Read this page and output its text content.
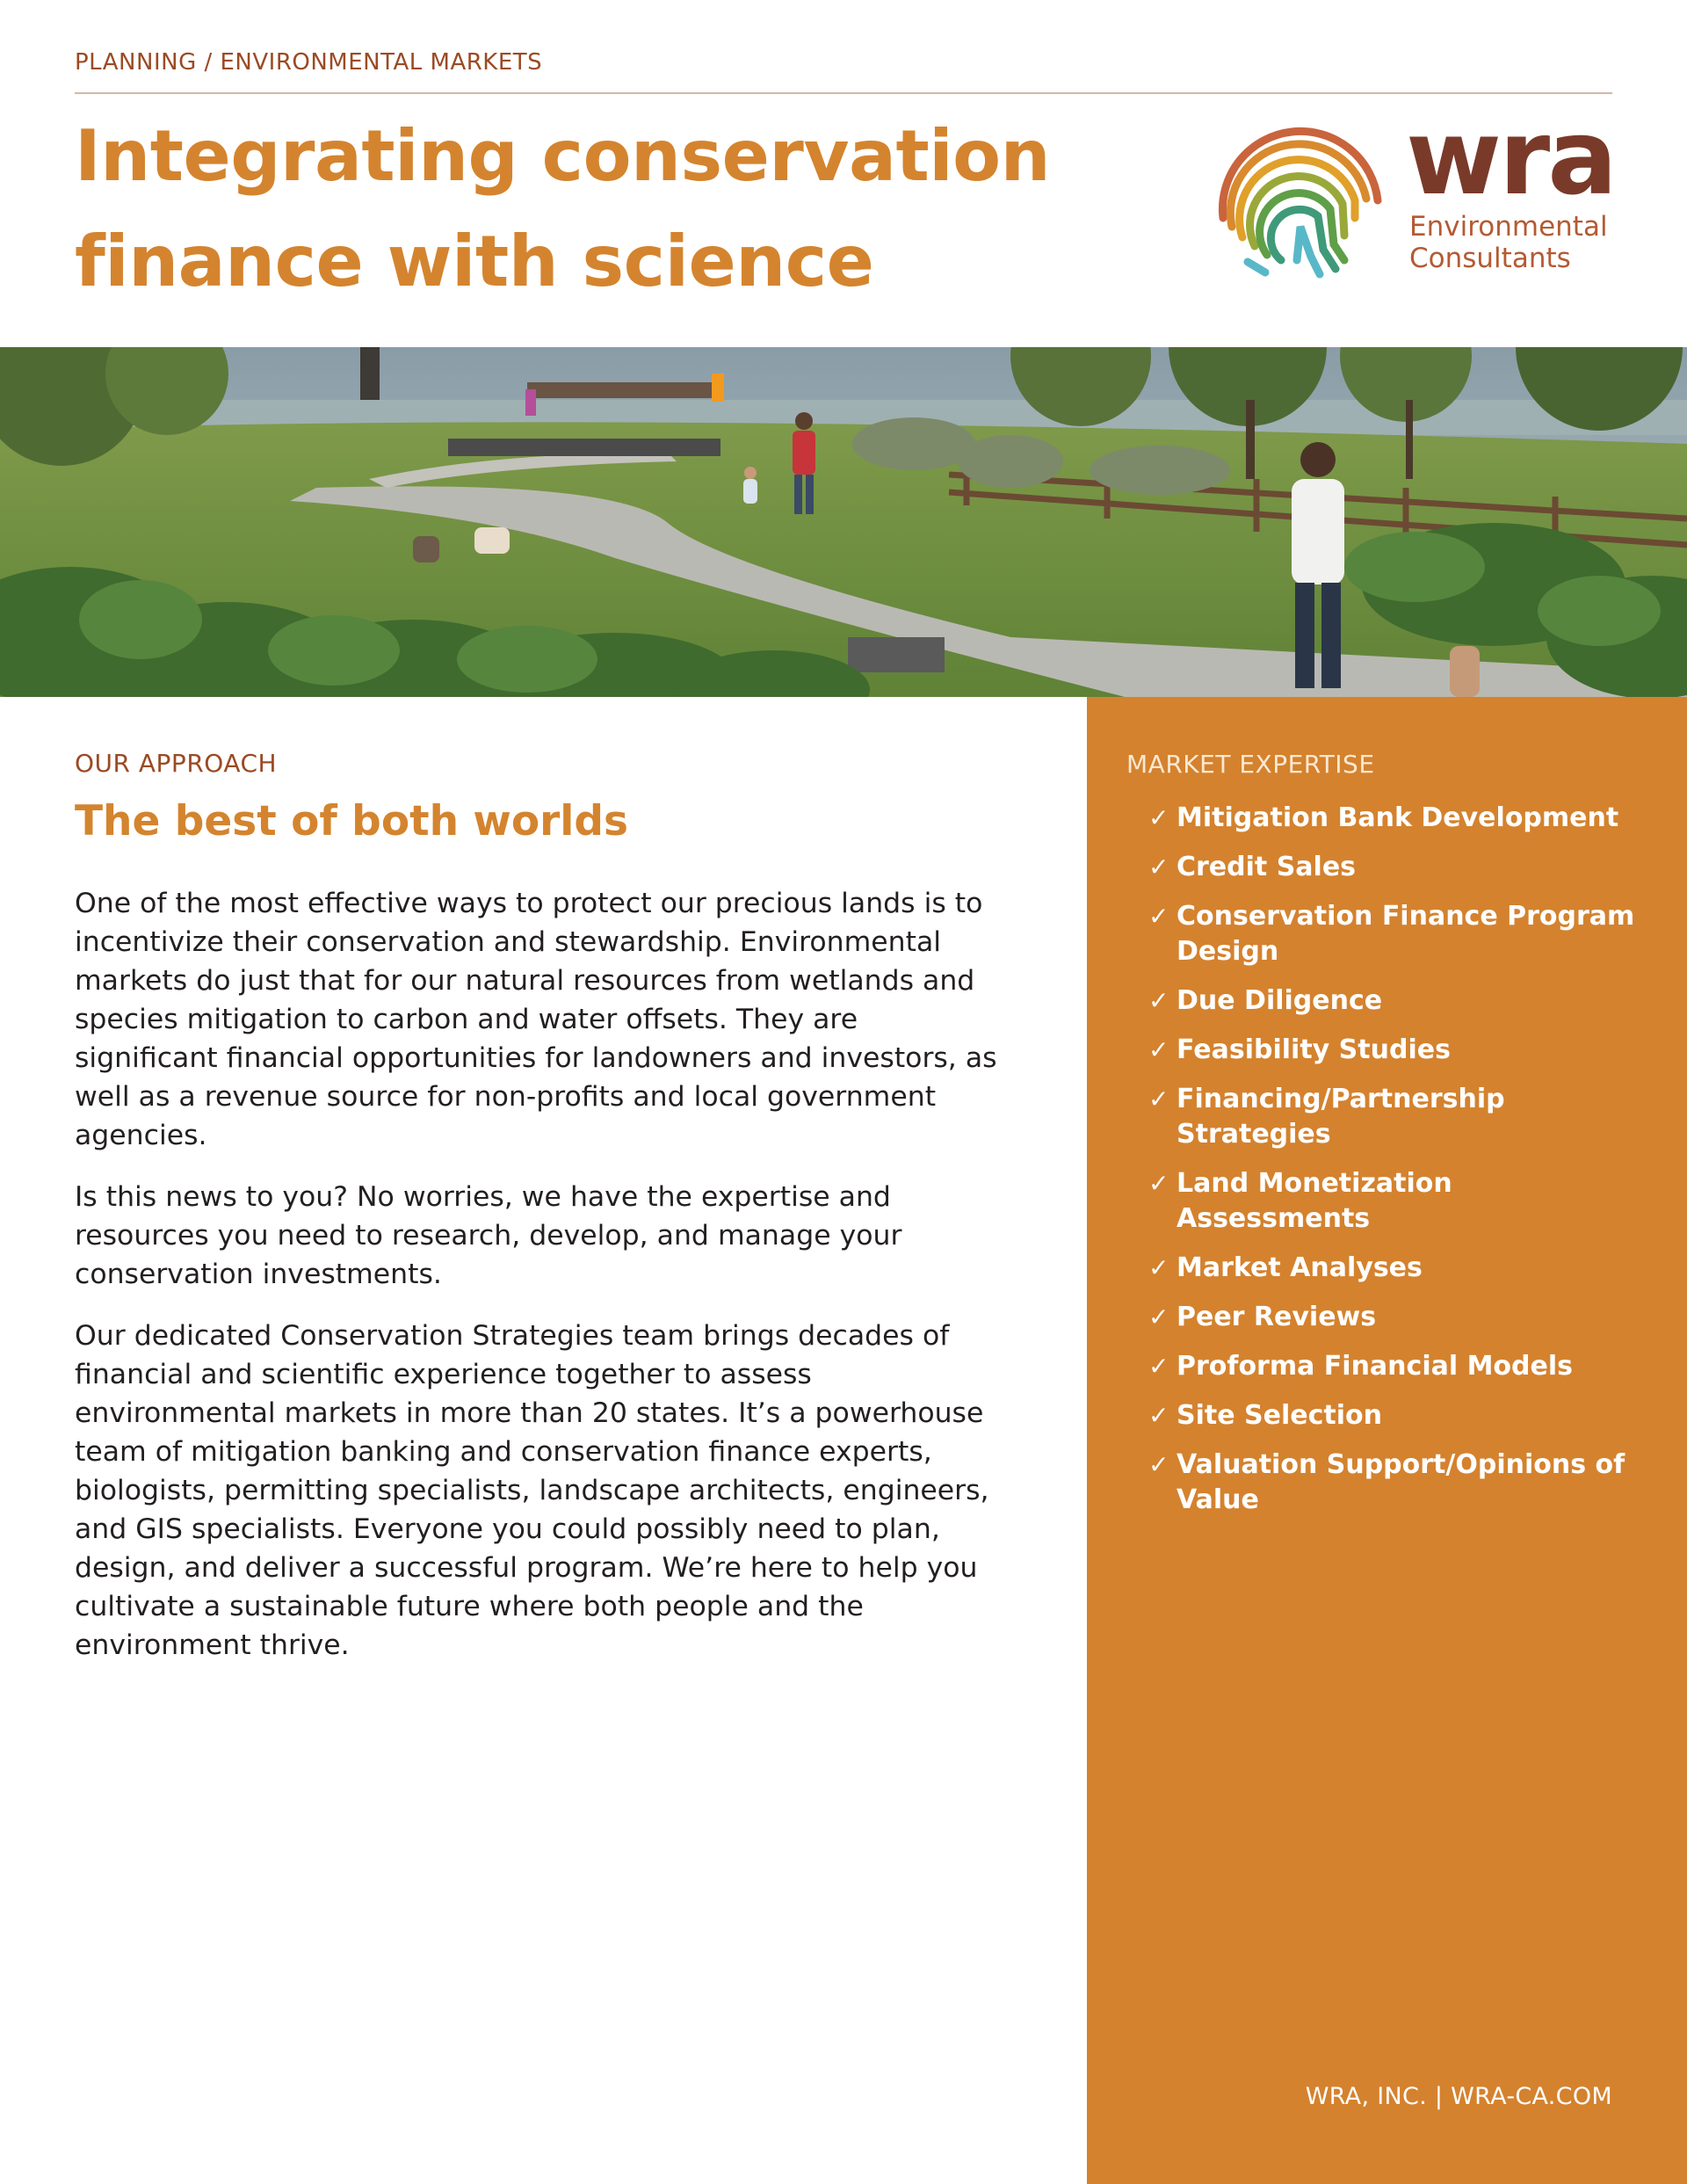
PLANNING / ENVIRONMENTAL MARKETS
Integrating conservation
finance with science
wra
Environmental
Consultants

OUR APPROACH

The best of both worlds

One of the most effective ways to protect our precious lands is to incentivize their conservation and stewardship. Environmental markets do just that for our natural resources from wetlands and species mitigation to carbon and water offsets. They are significant financial opportunities for landowners and investors, as well as a revenue source for non-profits and local government agencies.

Is this news to you? No worries, we have the expertise and resources you need to research, develop, and manage your conservation investments.

Our dedicated Conservation Strategies team brings decades of financial and scientific experience together to assess environmental markets in more than 20 states. It’s a powerhouse team of mitigation banking and conservation finance experts, biologists, permitting specialists, landscape architects, engineers, and GIS specialists. Everyone you could possibly need to plan, design, and deliver a successful program. We’re here to help you cultivate a sustainable future where both people and the environment thrive.

MARKET EXPERTISE

✓ Mitigation Bank Development
✓ Credit Sales
✓ Conservation Finance Program Design
✓ Due Diligence
✓ Feasibility Studies
✓ Financing/Partnership Strategies
✓ Land Monetization Assessments
✓ Market Analyses
✓ Peer Reviews
✓ Proforma Financial Models
✓ Site Selection
✓ Valuation Support/Opinions of Value
WRA, INC. | WRA-CA.COM
